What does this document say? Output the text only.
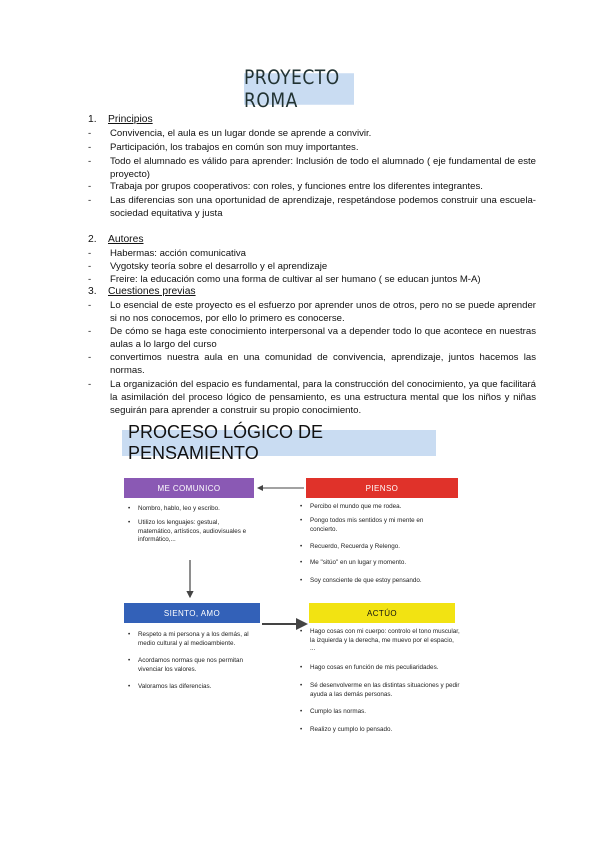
PROYECTO ROMA
1. Principios
- Convivencia, el aula es un lugar donde se aprende a convivir.
- Participación, los trabajos en común son muy importantes.
- Todo el alumnado es válido para aprender: Inclusión de todo el alumnado ( eje fundamental de este proyecto)
- Trabaja por grupos cooperativos: con roles, y funciones entre los diferentes integrantes.
- Las diferencias son una oportunidad de aprendizaje, respetándose podemos construir una escuela-sociedad equitativa y justa
2. Autores
- Habermas: acción comunicativa
- Vygotsky teoría sobre el desarrollo y el aprendizaje
- Freire: la educación como una forma de cultivar al ser humano ( se educan juntos M-A)
3. Cuestiones previas
- Lo esencial de este proyecto es el esfuerzo por aprender unos de otros, pero no se puede aprender si no nos conocemos, por ello lo primero es conocerse.
- De cómo se haga este conocimiento interpersonal va a depender todo lo que acontece en nuestras aulas a lo largo del curso
- convertimos nuestra aula en una comunidad de convivencia, aprendizaje, juntos hacemos las normas.
- La organización del espacio es fundamental, para la construcción del conocimiento, ya que facilitará la asimilación del proceso lógico de pensamiento, es una estructura mental que los niños y niñas seguirán para aprender a construir su propio conocimiento.
PROCESO LÓGICO DE PENSAMIENTO
ME COMUNICO	PIENSO
SIENTO, AMO	ACTÚO
• Nombro, hablo, leo y escribo.
• Utilizo los lenguajes: gestual, matemático, artísticos, audiovisuales e informático,...
• Percibo el mundo que me rodea.
• Pongo todos mis sentidos y mi mente en concierto.
• Recuerdo, Recuerda y Relengo.
• Me "sitúo" en un lugar y momento.
• Soy consciente de que estoy pensando.
• Respeto a mi persona y a los demás, al medio cultural y al medioambiente.
• Acordamos normas que nos permitan vivenciar los valores.
• Valoramos las diferencias.
• Hago cosas con mi cuerpo: controlo el tono muscular, la izquierda y la derecha, me muevo por el espacio, ...
• Hago cosas en función de mis peculiaridades.
• Sé desenvolverme en las distintas situaciones y pedir ayuda a las demás personas.
• Cumplo las normas.
• Realizo y cumplo lo pensado.
